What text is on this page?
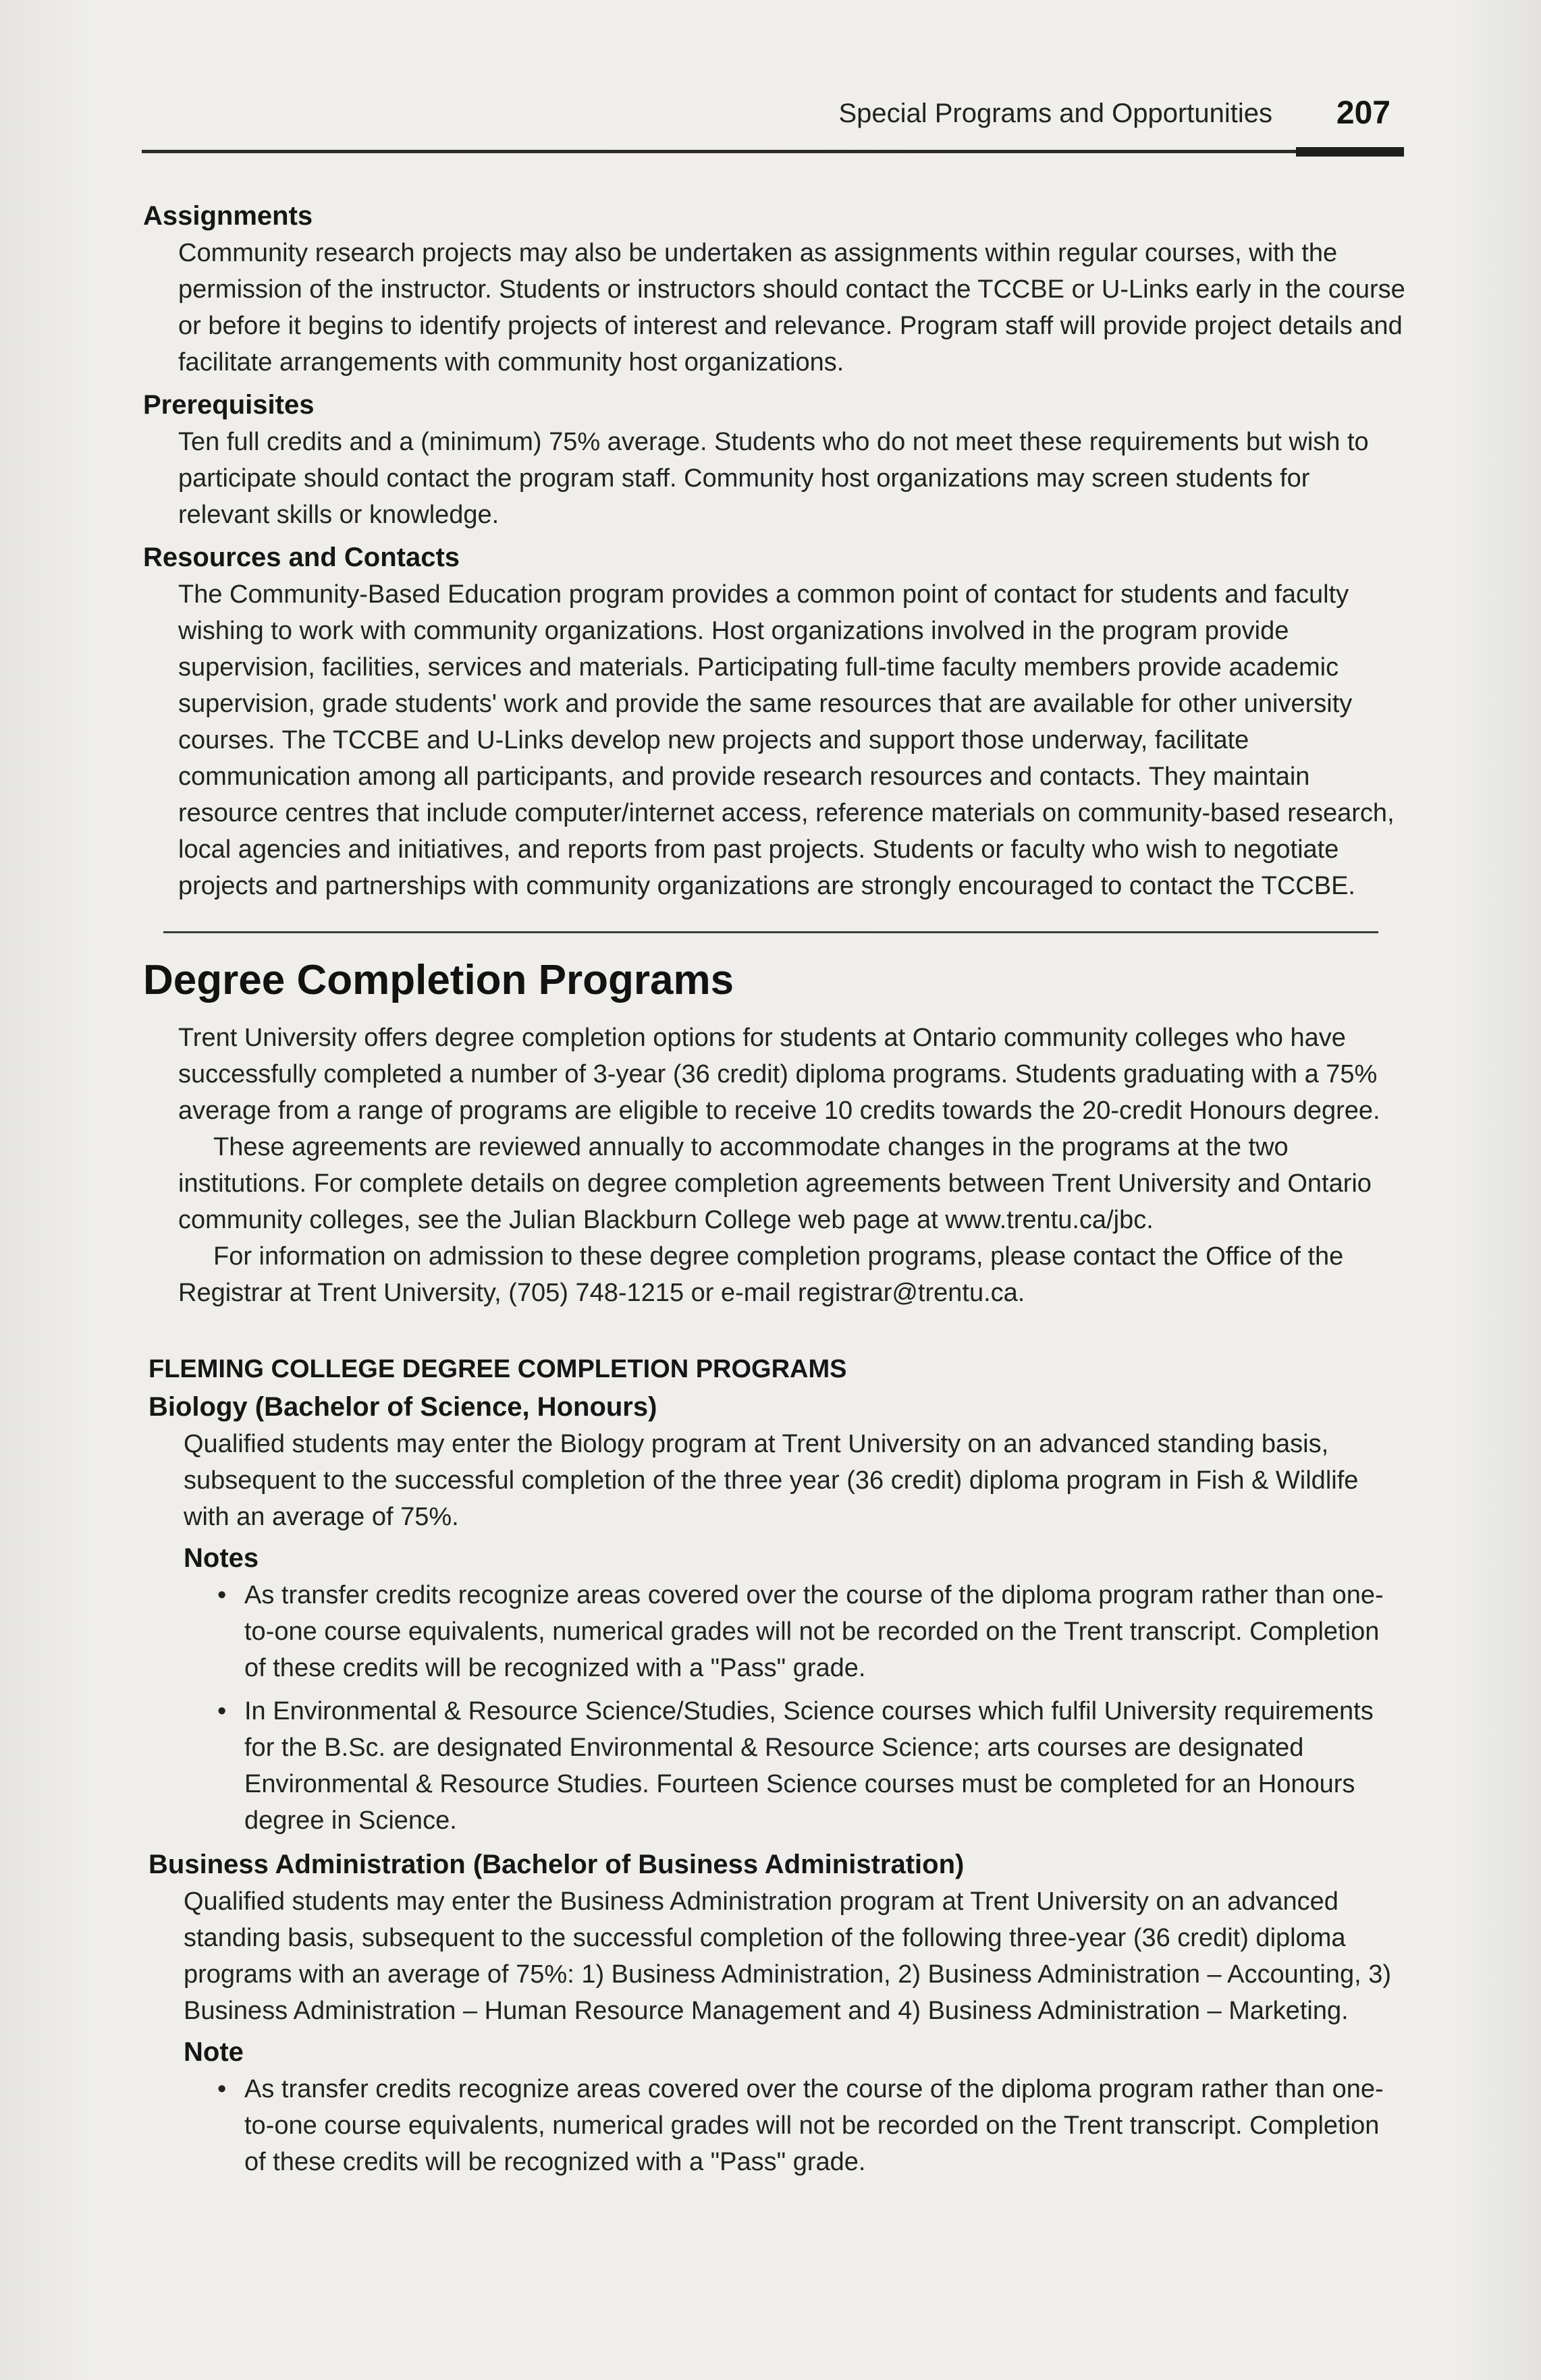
Special Programs and Opportunities 207
Assignments

Community research projects may also be undertaken as assignments within regular courses, with the permission of the instructor. Students or instructors should contact the TCCBE or U-Links early in the course or before it begins to identify projects of interest and relevance. Program staff will provide project details and facilitate arrangements with community host organizations.

Prerequisites

Ten full credits and a (minimum) 75% average. Students who do not meet these requirements but wish to participate should contact the program staff. Community host organizations may screen students for relevant skills or knowledge.

Resources and Contacts

The Community-Based Education program provides a common point of contact for students and faculty wishing to work with community organizations. Host organizations involved in the program provide supervision, facilities, services and materials. Participating full-time faculty members provide academic supervision, grade students' work and provide the same resources that are available for other university courses. The TCCBE and U-Links develop new projects and support those underway, facilitate communication among all participants, and provide research resources and contacts. They maintain resource centres that include computer/internet access, reference materials on community-based research, local agencies and initiatives, and reports from past projects. Students or faculty who wish to negotiate projects and partnerships with community organizations are strongly encouraged to contact the TCCBE.

Degree Completion Programs

Trent University offers degree completion options for students at Ontario community colleges who have successfully completed a number of 3-year (36 credit) diploma programs. Students graduating with a 75% average from a range of programs are eligible to receive 10 credits towards the 20-credit Honours degree.

These agreements are reviewed annually to accommodate changes in the programs at the two institutions. For complete details on degree completion agreements between Trent University and Ontario community colleges, see the Julian Blackburn College web page at www.trentu.ca/jbc.

For information on admission to these degree completion programs, please contact the Office of the Registrar at Trent University, (705) 748-1215 or e-mail registrar@trentu.ca.

FLEMING COLLEGE DEGREE COMPLETION PROGRAMS
Biology (Bachelor of Science, Honours)

Qualified students may enter the Biology program at Trent University on an advanced standing basis, subsequent to the successful completion of the three year (36 credit) diploma program in Fish & Wildlife with an average of 75%.

Notes
• As transfer credits recognize areas covered over the course of the diploma program rather than one-to-one course equivalents, numerical grades will not be recorded on the Trent transcript. Completion of these credits will be recognized with a "Pass" grade.
• In Environmental & Resource Science/Studies, Science courses which fulfil University requirements for the B.Sc. are designated Environmental & Resource Science; arts courses are designated Environmental & Resource Studies. Fourteen Science courses must be completed for an Honours degree in Science.
Business Administration (Bachelor of Business Administration)

Qualified students may enter the Business Administration program at Trent University on an advanced standing basis, subsequent to the successful completion of the following three-year (36 credit) diploma programs with an average of 75%: 1) Business Administration, 2) Business Administration – Accounting, 3) Business Administration – Human Resource Management and 4) Business Administration – Marketing.

Note
• As transfer credits recognize areas covered over the course of the diploma program rather than one-to-one course equivalents, numerical grades will not be recorded on the Trent transcript. Completion of these credits will be recognized with a "Pass" grade.
